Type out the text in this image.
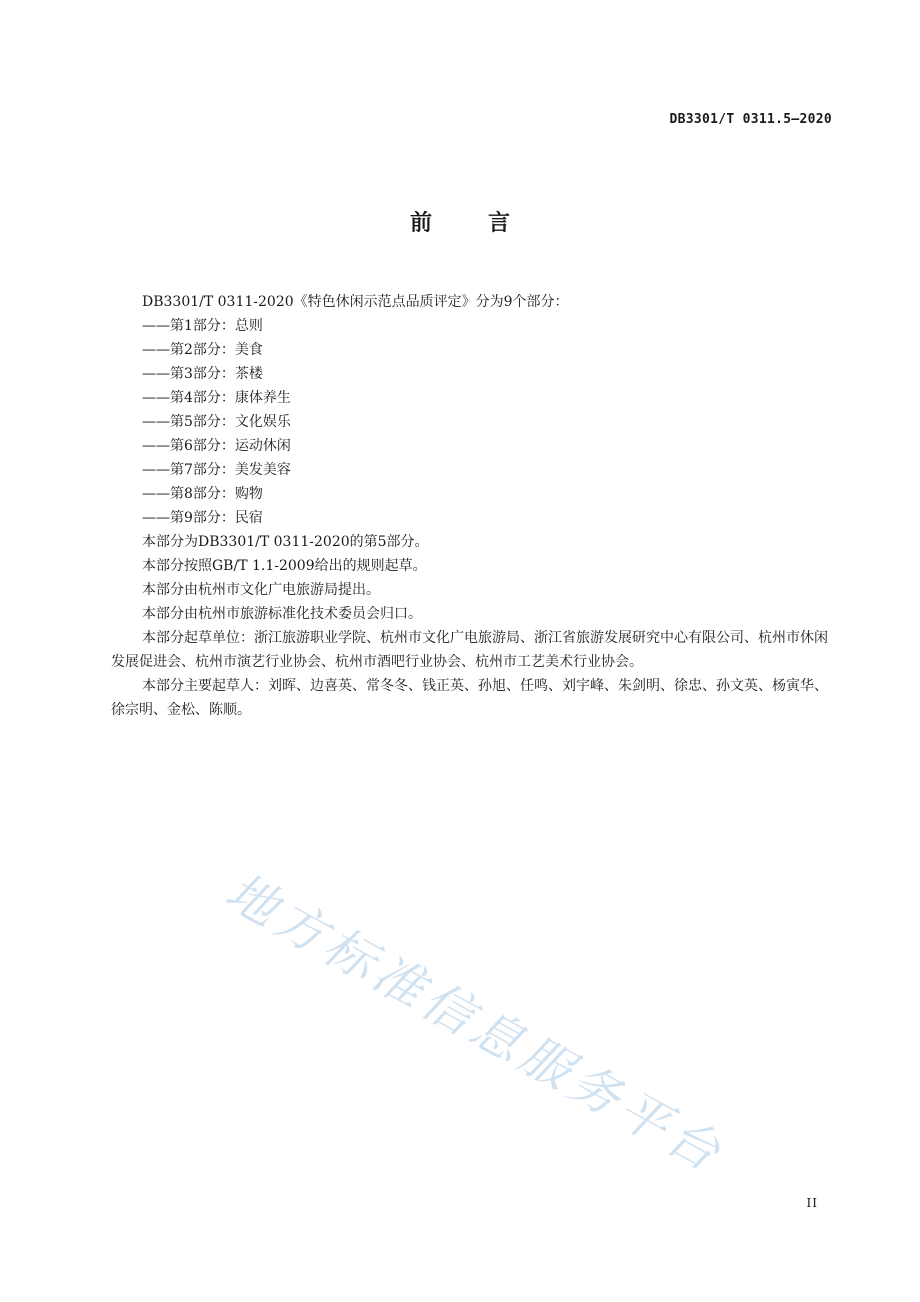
DB3301/T 0311.5—2020
前	言

DB3301/T 0311-2020《特色休闲示范点品质评定》分为9个部分：

——第1部分：总则

——第2部分：美食

——第3部分：茶楼

——第4部分：康体养生

——第5部分：文化娱乐

——第6部分：运动休闲

——第7部分：美发美容

——第8部分：购物

——第9部分：民宿

本部分为DB3301/T 0311-2020的第5部分。

本部分按照GB/T 1.1-2009给出的规则起草。

本部分由杭州市文化广电旅游局提出。

本部分由杭州市旅游标准化技术委员会归口。

本部分起草单位：浙江旅游职业学院、杭州市文化广电旅游局、浙江省旅游发展研究中心有限公司、杭州市休闲发展促进会、杭州市演艺行业协会、杭州市酒吧行业协会、杭州市工艺美术行业协会。

本部分主要起草人：刘晖、边喜英、常冬冬、钱正英、孙旭、任鸣、刘宇峰、朱剑明、徐忠、孙文英、杨寅华、徐宗明、金松、陈顺。

地方标准信息服务平台
II
